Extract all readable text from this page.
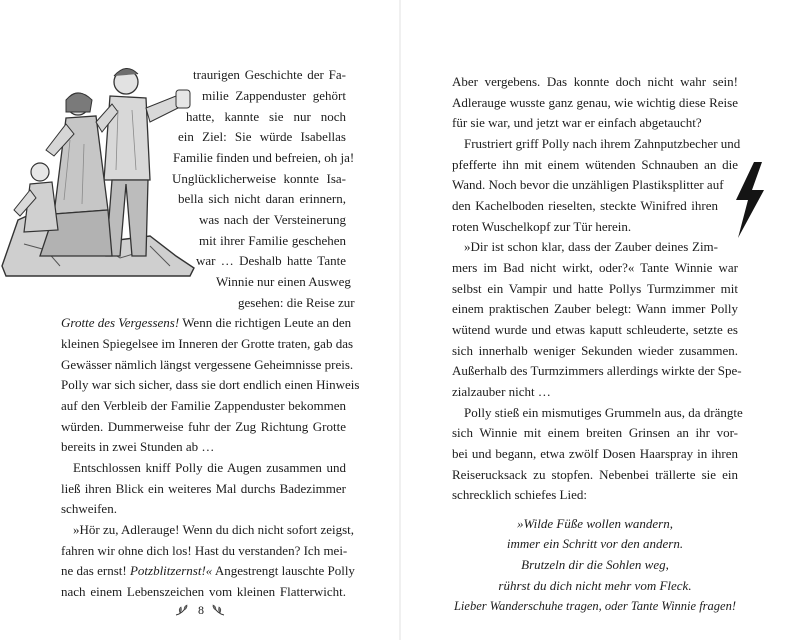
traurigen Geschichte der Fa-
milie Zappenduster gehört
hatte, kannte sie nur noch
ein Ziel: Sie würde Isabellas
Familie finden und befreien, oh ja!
Unglücklicherweise konnte Isa-
bella sich nicht daran erinnern,
was nach der Versteinerung
mit ihrer Familie geschehen
war … Deshalb hatte Tante
Winnie nur einen Ausweg
gesehen: die Reise zur
Grotte des Vergessens! Wenn die richtigen Leute an den
kleinen Spiegelsee im Inneren der Grotte traten, gab das
Gewässer nämlich längst vergessene Geheimnisse preis.
Polly war sich sicher, dass sie dort endlich einen Hinweis
auf den Verbleib der Familie Zappenduster bekommen
würden. Dummerweise fuhr der Zug Richtung Grotte
bereits in zwei Stunden ab …
Entschlossen kniff Polly die Augen zusammen und
ließ ihren Blick ein weiteres Mal durchs Badezimmer
schweifen.
»Hör zu, Adlerauge! Wenn du dich nicht sofort zeigst,
fahren wir ohne dich los! Hast du verstanden? Ich mei-
ne das ernst! Potzblitzernst!« Angestrengt lauschte Polly
nach einem Lebenszeichen vom kleinen Flatterwicht.
8
Aber vergebens. Das konnte doch nicht wahr sein!
Adlerauge wusste ganz genau, wie wichtig diese Reise
für sie war, und jetzt war er einfach abgetaucht?
Frustriert griff Polly nach ihrem Zahnputzbecher und
pfefferte ihn mit einem wütenden Schnauben an die
Wand. Noch bevor die unzähligen Plastiksplitter auf
den Kachelboden rieselten, steckte Winifred ihren
roten Wuschelkopf zur Tür herein.
»Dir ist schon klar, dass der Zauber deines Zim-
mers im Bad nicht wirkt, oder?« Tante Winnie war
selbst ein Vampir und hatte Pollys Turmzimmer mit
einem praktischen Zauber belegt: Wann immer Polly
wütend wurde und etwas kaputt schleuderte, setzte es
sich innerhalb weniger Sekunden wieder zusammen.
Außerhalb des Turmzimmers allerdings wirkte der Spe-
zialzauber nicht …
Polly stieß ein mismutiges Grummeln aus, da drängte
sich Winnie mit einem breiten Grinsen an ihr vor-
bei und begann, etwa zwölf Dosen Haarspray in ihren
Reiserucksack zu stopfen. Nebenbei trällerte sie ein
schrecklich schiefes Lied:
»Wilde Füße wollen wandern,
immer ein Schritt vor den andern.
Brutzeln dir die Sohlen weg,
rührst du dich nicht mehr vom Fleck.
Lieber Wanderschuhe tragen, oder Tante Winnie fragen!
